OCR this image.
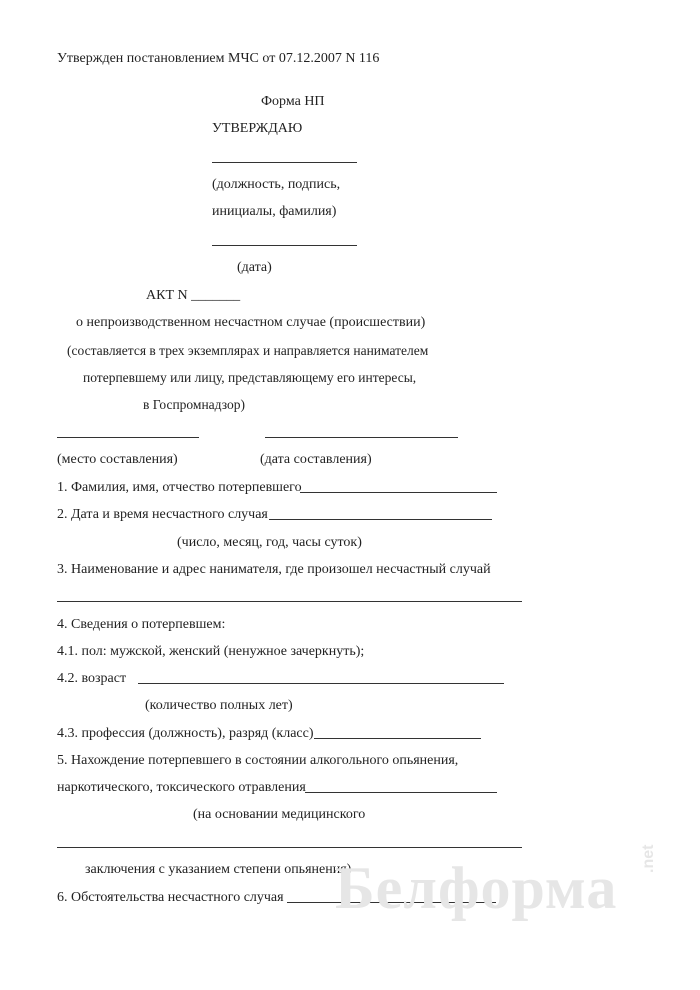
Утвержден постановлением МЧС от 07.12.2007 N 116
Форма НП
УТВЕРЖДАЮ
(должность, подпись,
инициалы, фамилия)
(дата)
АКТ N _______
о непроизводственном несчастном случае (происшествии)
(составляется в трех экземплярах и направляется нанимателем
потерпевшему или лицу, представляющему его интересы,
в Госпромнадзор)
(место составления)	(дата составления)
1. Фамилия, имя, отчество потерпевшего
2. Дата и время несчастного случая
(число, месяц, год, часы суток)
3. Наименование и адрес нанимателя, где произошел несчастный случай
4. Сведения о потерпевшем:
4.1. пол: мужской, женский (ненужное зачеркнуть);
4.2. возраст
(количество полных лет)
4.3. профессия (должность), разряд (класс)
5. Нахождение потерпевшего в состоянии алкогольного опьянения,
наркотического, токсического отравления
(на основании медицинского
заключения с указанием степени опьянения)
6. Обстоятельства несчастного случая Белформа .net
